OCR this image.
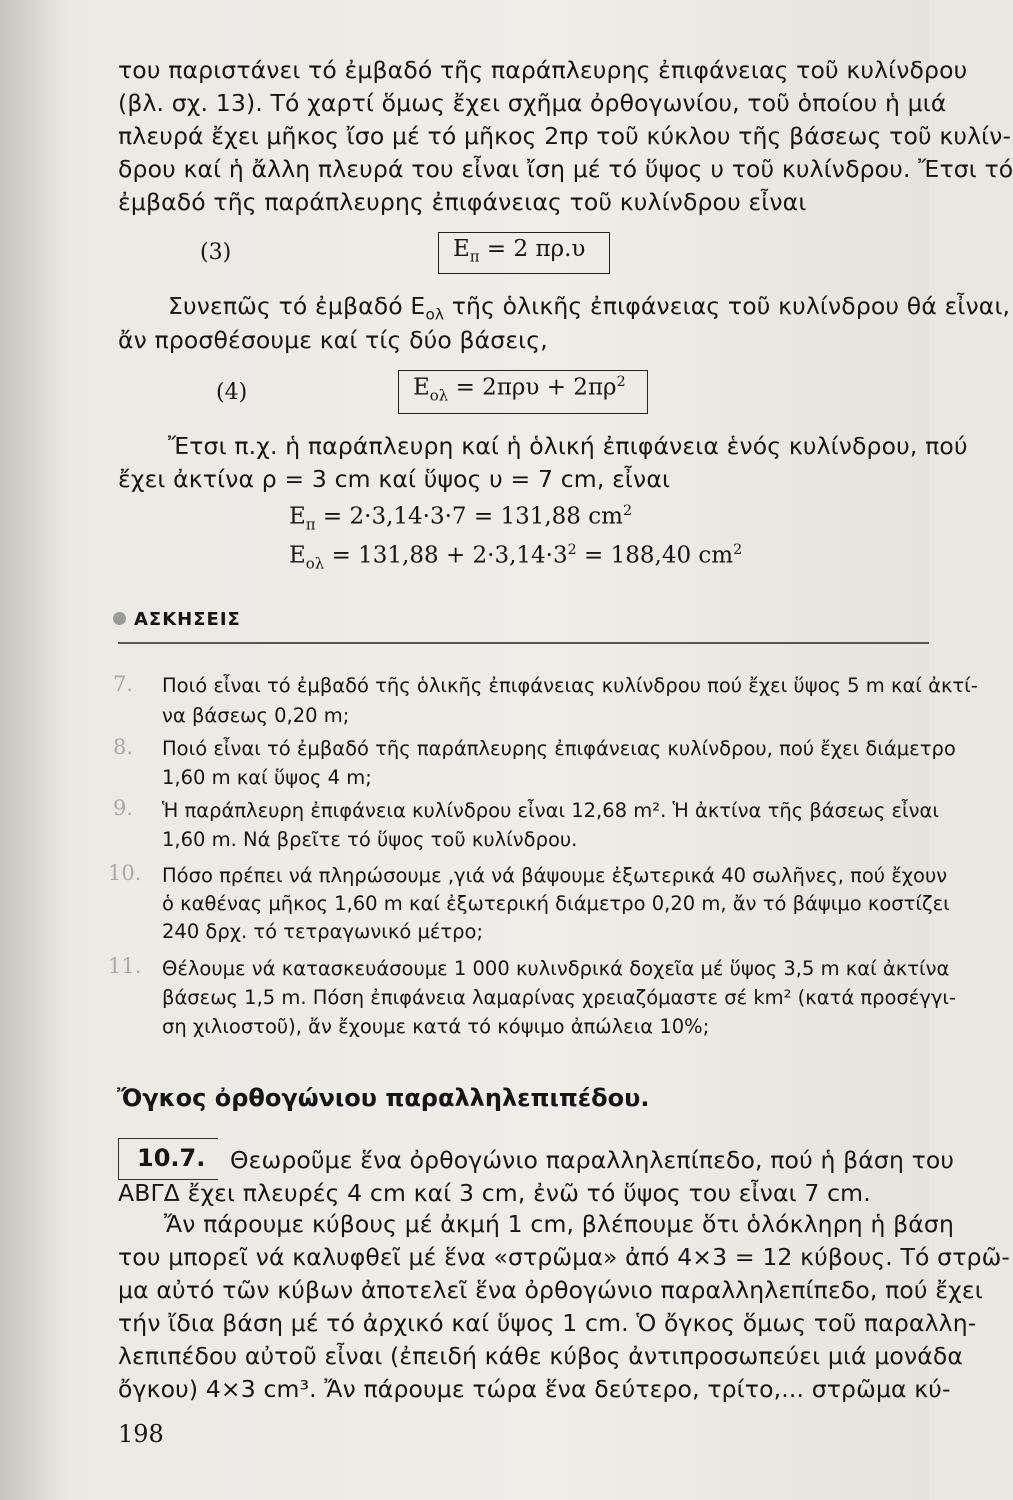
του παριστάνει τό ἐμβαδό τῆς παράπλευρης ἐπιφάνειας τοῦ κυλίνδρου
(βλ. σχ. 13). Τό χαρτί ὅμως ἔχει σχῆμα ὀρθογωνίου, τοῦ ὁποίου ἡ μιά
πλευρά ἔχει μῆκος ἴσο μέ τό μῆκος 2πρ τοῦ κύκλου τῆς βάσεως τοῦ κυλίν-
δρου καί ἡ ἄλλη πλευρά του εἶναι ἴση μέ τό ὕψος υ τοῦ κυλίνδρου. Ἔτσι τό
ἐμβαδό τῆς παράπλευρης ἐπιφάνειας τοῦ κυλίνδρου εἶναι
(3)	$E_\pi = 2$ πρ.υ
Συνεπῶς τό ἐμβαδό $E_{o\lambda}$ τῆς ὁλικῆς ἐπιφάνειας τοῦ κυλίνδρου θά εἶναι,
ἄν προσθέσουμε καί τίς δύο βάσεις,
(4)	$E_{o\lambda} = 2\pi\rho\upsilon + 2\pi\rho^2$
Ἔτσι π.χ. ἡ παράπλευρη καί ἡ ὁλική ἐπιφάνεια ἑνός κυλίνδρου, πού
ἔχει ἀκτίνα ρ = 3 cm καί ὕψος υ = 7 cm, εἶναι
$E_\pi = 2\cdot 3,14\cdot 3\cdot 7 = 131,88$ $cm^2$
$E_{o\lambda} = 131,88 + 2\cdot 3,14\cdot 3^2 = 188,40$ $cm^2$
ΑΣΚΗΣΕΙΣ
7. Ποιό εἶναι τό ἐμβαδό τῆς ὁλικῆς ἐπιφάνειας κυλίνδρου πού ἔχει ὕψος 5 m καί ἀκτί-
να βάσεως 0,20 m;
8. Ποιό εἶναι τό ἐμβαδό τῆς παράπλευρης ἐπιφάνειας κυλίνδρου, πού ἔχει διάμετρο
1,60 m καί ὕψος 4 m;
9. Ἡ παράπλευρη ἐπιφάνεια κυλίνδρου εἶναι 12,68 m². Ἡ ἀκτίνα τῆς βάσεως εἶναι
1,60 m. Νά βρεῖτε τό ὕψος τοῦ κυλίνδρου.
10. Πόσο πρέπει νά πληρώσουμε ,γιά νά βάψουμε ἐξωτερικά 40 σωλῆνες, πού ἔχουν
ὁ καθένας μῆκος 1,60 m καί ἐξωτερική διάμετρο 0,20 m, ἄν τό βάψιμο κοστίζει
240 δρχ. τό τετραγωνικό μέτρο;
11. Θέλουμε νά κατασκευάσουμε 1 000 κυλινδρικά δοχεῖα μέ ὕψος 3,5 m καί ἀκτίνα
βάσεως 1,5 m. Πόση ἐπιφάνεια λαμαρίνας χρειαζόμαστε σέ km² (κατά προσέγγι-
ση χιλιοστοῦ), ἄν ἔχουμε κατά τό κόψιμο ἀπώλεια 10%;
Ὄγκος ὀρθογώνιου παραλληλεπιπέδου.
10.7.	Θεωροῦμε ἕνα ὀρθογώνιο παραλληλεπίπεδο, πού ἡ βάση του
ΑΒΓΔ ἔχει πλευρές 4 cm καί 3 cm, ἐνῶ τό ὕψος του εἶναι 7 cm.
Ἄν πάρουμε κύβους μέ ἀκμή 1 cm, βλέπουμε ὅτι ὁλόκληρη ἡ βάση
του μπορεῖ νά καλυφθεῖ μέ ἕνα «στρῶμα» ἀπό 4×3 = 12 κύβους. Τό στρῶ-
μα αὐτό τῶν κύβων ἀποτελεῖ ἕνα ὀρθογώνιο παραλληλεπίπεδο, πού ἔχει
τήν ἴδια βάση μέ τό ἀρχικό καί ὕψος 1 cm. Ὁ ὄγκος ὅμως τοῦ παραλλη-
λεπιπέδου αὐτοῦ εἶναι (ἐπειδή κάθε κύβος ἀντιπροσωπεύει μιά μονάδα
ὄγκου) 4×3 cm³. Ἄν πάρουμε τώρα ἕνα δεύτερο, τρίτο,... στρῶμα κύ-
198
